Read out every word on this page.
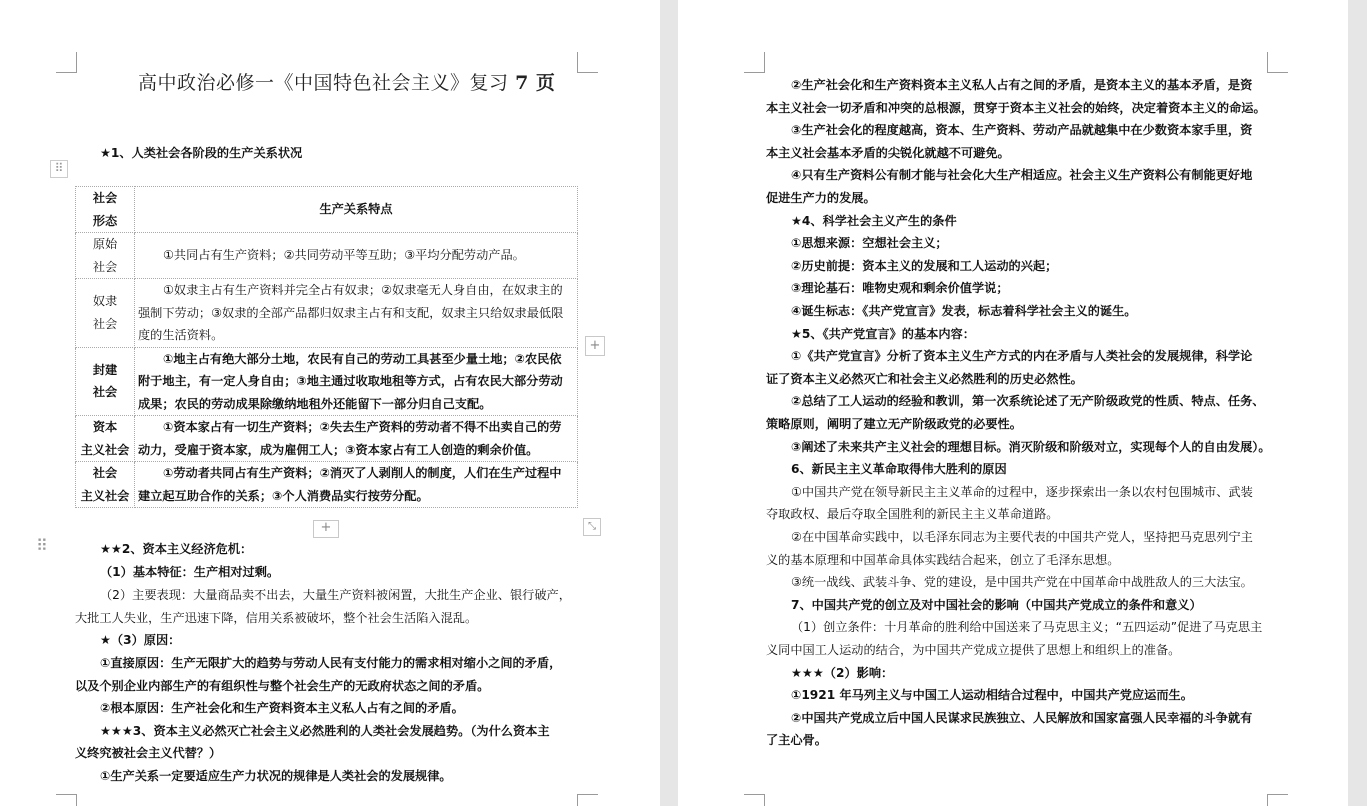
高中政治必修一《中国特色社会主义》复习 7 页
★1、人类社会各阶段的生产关系状况
⠿
社会
形态	生产关系特点
原始
社会	①共同占有生产资料；②共同劳动平等互助；③平均分配劳动产品。
奴隶
社会	①奴隶主占有生产资料并完全占有奴隶；②奴隶毫无人身自由，在奴隶主的
强制下劳动；③奴隶的全部产品都归奴隶主占有和支配，奴隶主只给奴隶最低限
度的生活资料。
封建
社会	①地主占有绝大部分土地，农民有自己的劳动工具甚至少量土地；②农民依
附于地主，有一定人身自由；③地主通过收取地租等方式，占有农民大部分劳动
成果；农民的劳动成果除缴纳地租外还能留下一部分归自己支配。
资本
主义社会	①资本家占有一切生产资料；②失去生产资料的劳动者不得不出卖自己的劳
动力，受雇于资本家，成为雇佣工人；③资本家占有工人创造的剩余价值。
社会
主义社会	①劳动者共同占有生产资料；②消灭了人剥削人的制度，人们在生产过程中
建立起互助合作的关系；③个人消费品实行按劳分配。
+
+	⤡
⠿	★★2、资本主义经济危机：
（1）基本特征：生产相对过剩。
（2）主要表现：大量商品卖不出去，大量生产资料被闲置，大批生产企业、银行破产，
大批工人失业，生产迅速下降，信用关系被破坏，整个社会生活陷入混乱。
★（3）原因：
①直接原因：生产无限扩大的趋势与劳动人民有支付能力的需求相对缩小之间的矛盾，
以及个别企业内部生产的有组织性与整个社会生产的无政府状态之间的矛盾。
②根本原因：生产社会化和生产资料资本主义私人占有之间的矛盾。
★★★3、资本主义必然灭亡社会主义必然胜利的人类社会发展趋势。（为什么资本主
义终究被社会主义代替？）
①生产关系一定要适应生产力状况的规律是人类社会的发展规律。
②生产社会化和生产资料资本主义私人占有之间的矛盾，是资本主义的基本矛盾，是资
本主义社会一切矛盾和冲突的总根源，贯穿于资本主义社会的始终，决定着资本主义的命运。
③生产社会化的程度越高，资本、生产资料、劳动产品就越集中在少数资本家手里，资
本主义社会基本矛盾的尖锐化就越不可避免。
④只有生产资料公有制才能与社会化大生产相适应。社会主义生产资料公有制能更好地
促进生产力的发展。
★4、科学社会主义产生的条件
①思想来源：空想社会主义；
②历史前提：资本主义的发展和工人运动的兴起；
③理论基石：唯物史观和剩余价值学说；
④诞生标志：《共产党宣言》发表，标志着科学社会主义的诞生。
★5、《共产党宣言》的基本内容：
①《共产党宣言》分析了资本主义生产方式的内在矛盾与人类社会的发展规律，科学论
证了资本主义必然灭亡和社会主义必然胜利的历史必然性。
②总结了工人运动的经验和教训，第一次系统论述了无产阶级政党的性质、特点、任务、
策略原则，阐明了建立无产阶级政党的必要性。
③阐述了未来共产主义社会的理想目标。消灭阶级和阶级对立，实现每个人的自由发展）。
6、新民主主义革命取得伟大胜利的原因
①中国共产党在领导新民主主义革命的过程中，逐步探索出一条以农村包围城市、武装
夺取政权、最后夺取全国胜利的新民主主义革命道路。
②在中国革命实践中，以毛泽东同志为主要代表的中国共产党人，坚持把马克思列宁主
义的基本原理和中国革命具体实践结合起来，创立了毛泽东思想。
③统一战线、武装斗争、党的建设，是中国共产党在中国革命中战胜敌人的三大法宝。
7、中国共产党的创立及对中国社会的影响（中国共产党成立的条件和意义）
（1）创立条件：十月革命的胜利给中国送来了马克思主义；“五四运动”促进了马克思主
义同中国工人运动的结合，为中国共产党成立提供了思想上和组织上的准备。
★★★（2）影响：
①1921 年马列主义与中国工人运动相结合过程中，中国共产党应运而生。
②中国共产党成立后中国人民谋求民族独立、人民解放和国家富强人民幸福的斗争就有
了主心骨。
